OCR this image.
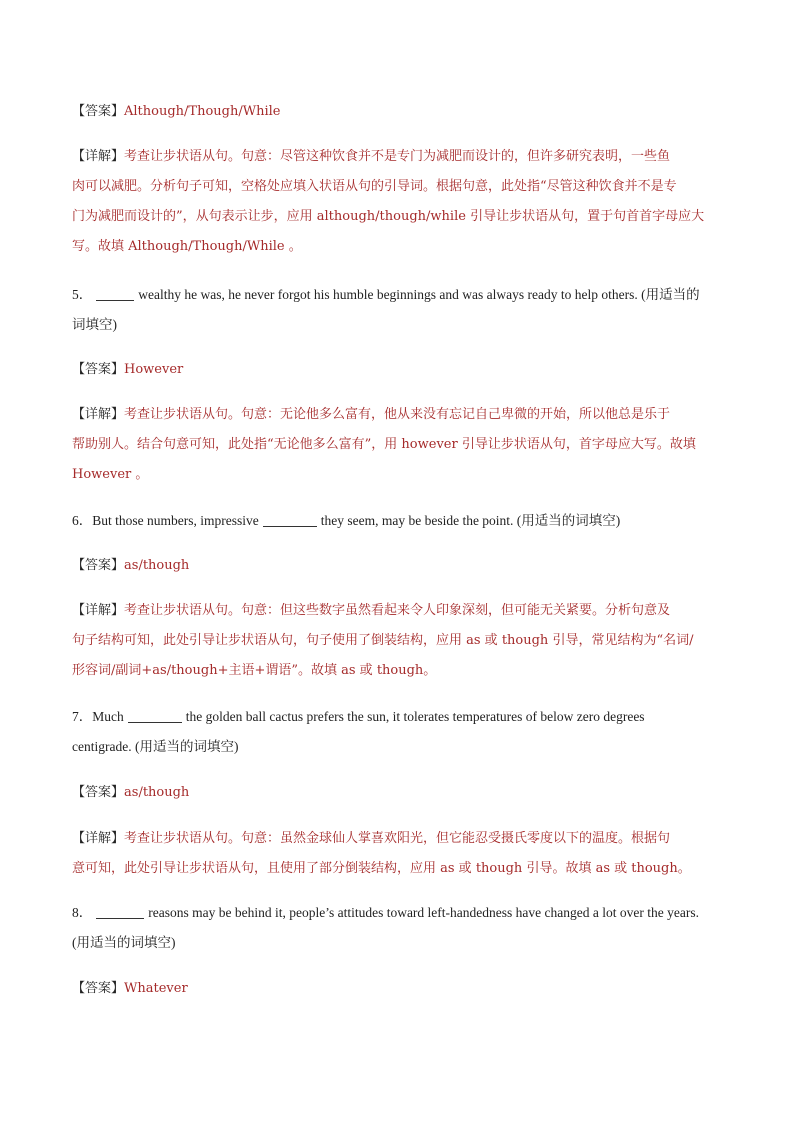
【答案】Although/Though/While
【详解】考查让步状语从句。句意：尽管这种饮食并不是专门为减肥而设计的，但许多研究表明，一些鱼
肉可以减肥。分析句子可知，空格处应填入状语从句的引导词。根据句意，此处指“尽管这种饮食并不是专
门为减肥而设计的”，从句表示让步，应用 although/though/while 引导让步状语从句，置于句首首字母应大
写。故填 Although/Though/While 。
5．	wealthy he was, he never forgot his humble beginnings and was always ready to help others. (用适当的
词填空)
【答案】However
【详解】考查让步状语从句。句意：无论他多么富有，他从来没有忘记自己卑微的开始，所以他总是乐于
帮助别人。结合句意可知，此处指“无论他多么富有”，用 however 引导让步状语从句，首字母应大写。故填
However 。
6．But those numbers, impressive	they seem, may be beside the point. (用适当的词填空)
【答案】as/though
【详解】考查让步状语从句。句意：但这些数字虽然看起来令人印象深刻，但可能无关紧要。分析句意及
句子结构可知，此处引导让步状语从句，句子使用了倒装结构，应用 as 或 though 引导，常见结构为“名词/
形容词/副词+as/though+主语+谓语”。故填 as 或 though。
7．Much	the golden ball cactus prefers the sun, it tolerates temperatures of below zero degrees
centigrade. (用适当的词填空)
【答案】as/though
【详解】考查让步状语从句。句意：虽然金球仙人掌喜欢阳光，但它能忍受摄氏零度以下的温度。根据句
意可知，此处引导让步状语从句，且使用了部分倒装结构，应用 as 或 though 引导。故填 as 或 though。
8．	reasons may be behind it, people’s attitudes toward left-handedness have changed a lot over the years.
(用适当的词填空)
【答案】Whatever
